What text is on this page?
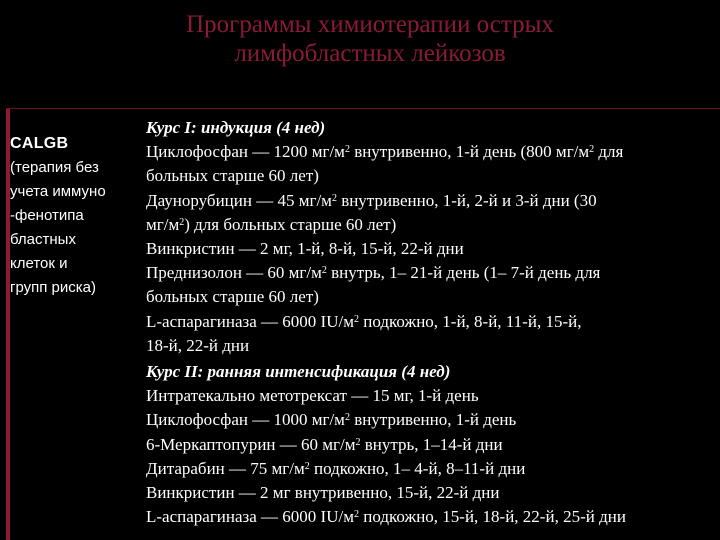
Программы химиотерапии острых
лимфобластных лейкозов
CALGB
(терапия без
учета иммуно
-фенотипа
бластных
клеток и
групп риска)
Курс I: индукция (4 нед)
Циклофосфан — 1200 $мг/м^2$ внутривенно, 1-й день (800 $мг/м^2$ для
больных старше 60 лет)
Даунорубицин — 45 $мг/м^2$ внутривенно, 1-й, 2-й и 3-й дни (30
$мг/м^2$) для больных старше 60 лет)
Винкристин — 2 мг, 1-й, 8-й, 15-й, 22-й дни
Преднизолон — 60 $мг/м^2$ внутрь, 1– 21-й день (1– 7-й день для
больных старше 60 лет)
L-аспарагиназа — 6000 $IU/м^2$ подкожно, 1-й, 8-й, 11-й, 15-й,
18-й, 22-й дни
Курс II: ранняя интенсификация (4 нед)
Интратекально метотрексат — 15 мг, 1-й день
Циклофосфан — 1000 $мг/м^2$ внутривенно, 1-й день
6-Меркаптопурин — 60 $мг/м^2$ внутрь, 1–14-й дни
Дитарабин — 75 $мг/м^2$ подкожно, 1– 4-й, 8–11-й дни
Винкристин — 2 мг внутривенно, 15-й, 22-й дни
L-аспарагиназа — 6000 $IU/м^2$ подкожно, 15-й, 18-й, 22-й, 25-й дни
